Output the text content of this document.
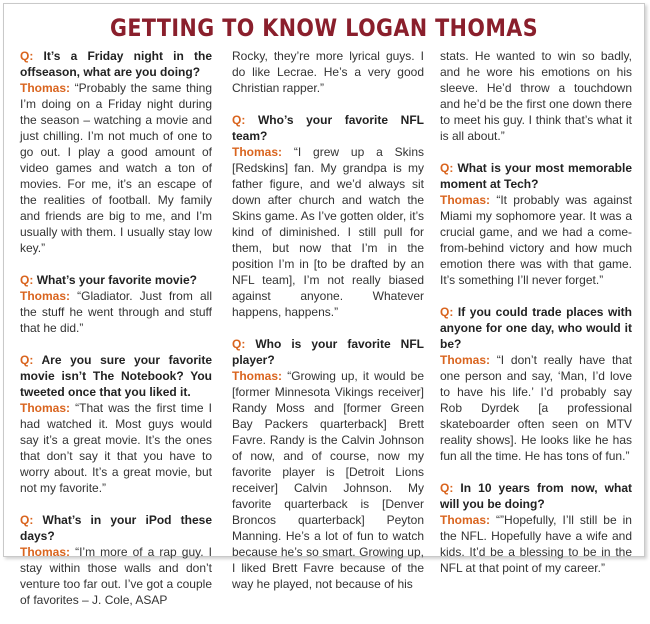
GETTING TO KNOW LOGAN THOMAS
Q: It’s a Friday night in the offseason, what are you doing?
Thomas: “Probably the same thing I’m doing on a Friday night during the season – watching a movie and just chilling. I’m not much of one to go out. I play a good amount of video games and watch a ton of movies. For me, it’s an escape of the realities of football. My family and friends are big to me, and I’m usually with them. I usually stay low key.”
Q: What’s your favorite movie?
Thomas: “Gladiator. Just from all the stuff he went through and stuff that he did.”
Q: Are you sure your favorite movie isn’t The Notebook? You tweeted once that you liked it.
Thomas: “That was the first time I had watched it. Most guys would say it’s a great movie. It’s the ones that don’t say it that you have to worry about. It’s a great movie, but not my favorite.”
Q: What’s in your iPod these days?
Thomas: “I’m more of a rap guy. I stay within those walls and don’t venture too far out. I’ve got a couple of favorites – J. Cole, ASAP
Rocky, they’re more lyrical guys. I do like Lecrae. He’s a very good Christian rapper.”
Q: Who’s your favorite NFL team?
Thomas: “I grew up a Skins [Redskins] fan. My grandpa is my father figure, and we’d always sit down after church and watch the Skins game. As I’ve gotten older, it’s kind of diminished. I still pull for them, but now that I’m in the position I’m in [to be drafted by an NFL team], I’m not really biased against anyone. Whatever happens, happens.”
Q: Who is your favorite NFL player?
Thomas: “Growing up, it would be [former Minnesota Vikings receiver] Randy Moss and [former Green Bay Packers quarterback] Brett Favre. Randy is the Calvin Johnson of now, and of course, now my favorite player is [Detroit Lions receiver] Calvin Johnson. My favorite quarterback is [Denver Broncos quarterback] Peyton Manning. He’s a lot of fun to watch because he’s so smart. Growing up, I liked Brett Favre because of the way he played, not because of his
stats. He wanted to win so badly, and he wore his emotions on his sleeve. He’d throw a touchdown and he’d be the first one down there to meet his guy. I think that’s what it is all about.”
Q: What is your most memorable moment at Tech?
Thomas: “It probably was against Miami my sophomore year. It was a crucial game, and we had a come-from-behind victory and how much emotion there was with that game. It’s something I’ll never forget.”
Q: If you could trade places with anyone for one day, who would it be?
Thomas: “I don’t really have that one person and say, ‘Man, I’d love to have his life.’ I’d probably say Rob Dyrdek [a professional skateboarder often seen on MTV reality shows]. He looks like he has fun all the time. He has tons of fun.”
Q: In 10 years from now, what will you be doing?
Thomas: “”Hopefully, I’ll still be in the NFL. Hopefully have a wife and kids. It’d be a blessing to be in the NFL at that point of my career.”
